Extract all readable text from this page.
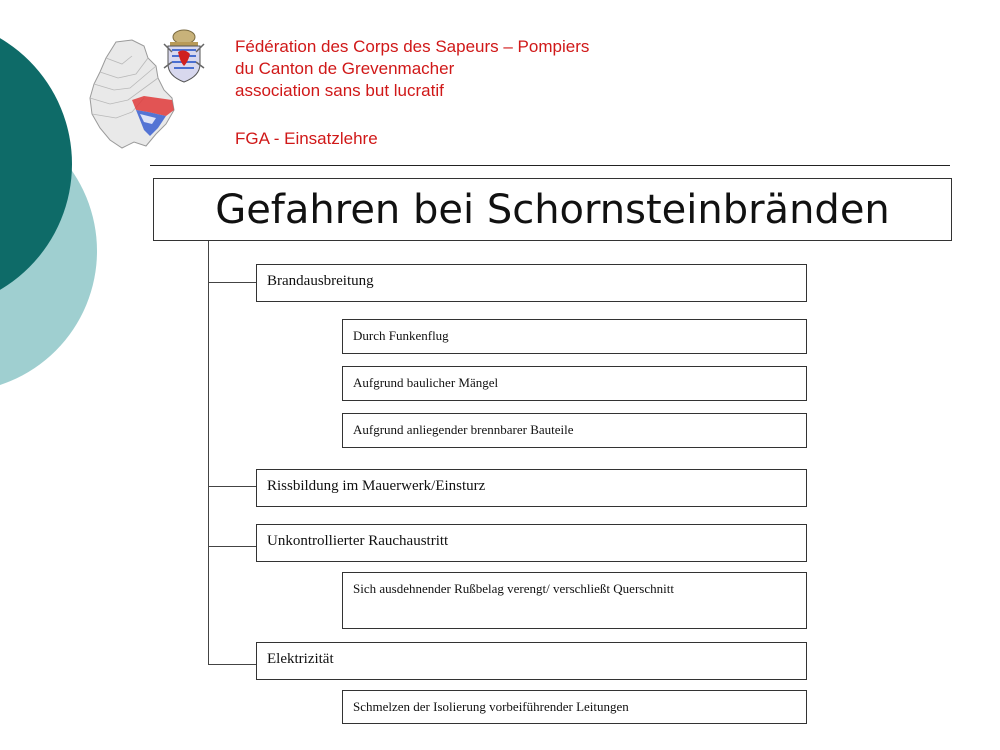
Fédération des Corps des Sapeurs – Pompiers
du Canton de Grevenmacher
association sans but lucratif
FGA - Einsatzlehre
Gefahren bei Schornsteinbränden
Brandausbreitung
Rissbildung im Mauerwerk/Einsturz
Unkontrollierter Rauchaustritt
Elektrizität
Durch Funkenflug
Aufgrund baulicher Mängel
Aufgrund anliegender brennbarer Bauteile
Sich ausdehnender Rußbelag verengt/ verschließt Querschnitt
Schmelzen der Isolierung vorbeiführender Leitungen
